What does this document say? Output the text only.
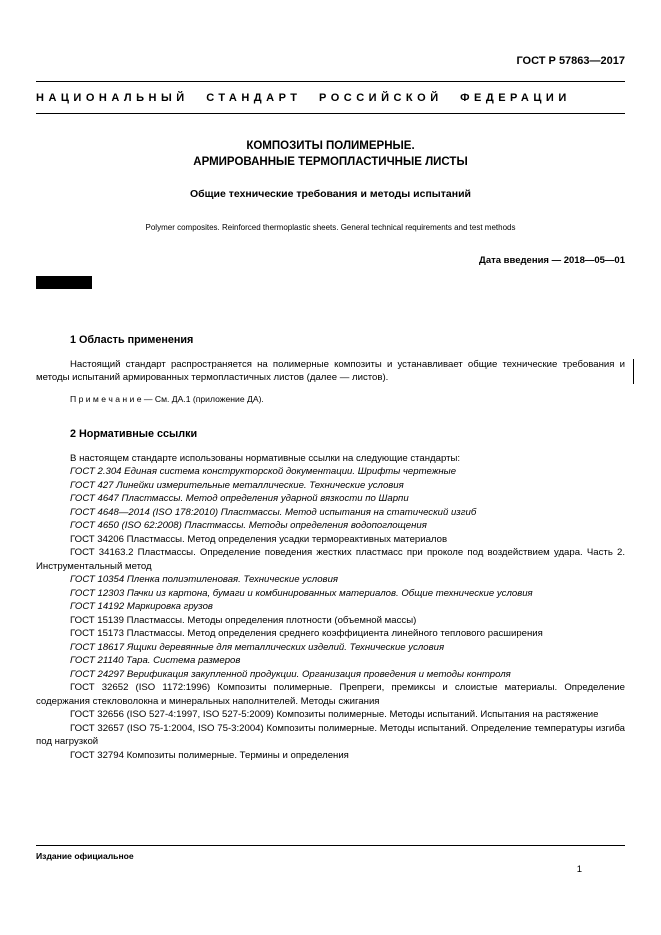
ГОСТ Р 57863—2017
НАЦИОНАЛЬНЫЙ СТАНДАРТ РОССИЙСКОЙ ФЕДЕРАЦИИ
КОМПОЗИТЫ ПОЛИМЕРНЫЕ.
АРМИРОВАННЫЕ ТЕРМОПЛАСТИЧНЫЕ ЛИСТЫ
Общие технические требования и методы испытаний
Polymer composites. Reinforced thermoplastic sheets. General technical requirements and test methods
Дата введения — 2018—05—01
1 Область применения

Настоящий стандарт распространяется на полимерные композиты и устанавливает общие технические требования и методы испытаний армированных термопластичных листов (далее — листов).

П р и м е ч а н и е — См. ДА.1 (приложение ДА).

2 Нормативные ссылки

В настоящем стандарте использованы нормативные ссылки на следующие стандарты:

ГОСТ 2.304 Единая система конструкторской документации. Шрифты чертежные

ГОСТ 427 Линейки измерительные металлические. Технические условия

ГОСТ 4647 Пластмассы. Метод определения ударной вязкости по Шарпи

ГОСТ 4648—2014 (ISO 178:2010) Пластмассы. Метод испытания на статический изгиб

ГОСТ 4650 (ISO 62:2008) Пластмассы. Методы определения водопоглощения

ГОСТ 34206 Пластмассы. Метод определения усадки термореактивных материалов

ГОСТ 34163.2 Пластмассы. Определение поведения жестких пластмасс при проколе под воздействием удара. Часть 2. Инструментальный метод

ГОСТ 10354 Пленка полиэтиленовая. Технические условия

ГОСТ 12303 Пачки из картона, бумаги и комбинированных материалов. Общие технические условия

ГОСТ 14192 Маркировка грузов

ГОСТ 15139 Пластмассы. Методы определения плотности (объемной массы)

ГОСТ 15173 Пластмассы. Метод определения среднего коэффициента линейного теплового расширения

ГОСТ 18617 Ящики деревянные для металлических изделий. Технические условия

ГОСТ 21140 Тара. Система размеров

ГОСТ 24297 Верификация закупленной продукции. Организация проведения и методы контроля

ГОСТ 32652 (ISO 1172:1996) Композиты полимерные. Препреги, премиксы и слоистые материалы. Определение содержания стекловолокна и минеральных наполнителей. Методы сжигания

ГОСТ 32656 (ISO 527-4:1997, ISO 527-5:2009) Композиты полимерные. Методы испытаний. Испытания на растяжение

ГОСТ 32657 (ISO 75-1:2004, ISO 75-3:2004) Композиты полимерные. Методы испытаний. Определение температуры изгиба под нагрузкой

ГОСТ 32794 Композиты полимерные. Термины и определения

Издание официальное
1
